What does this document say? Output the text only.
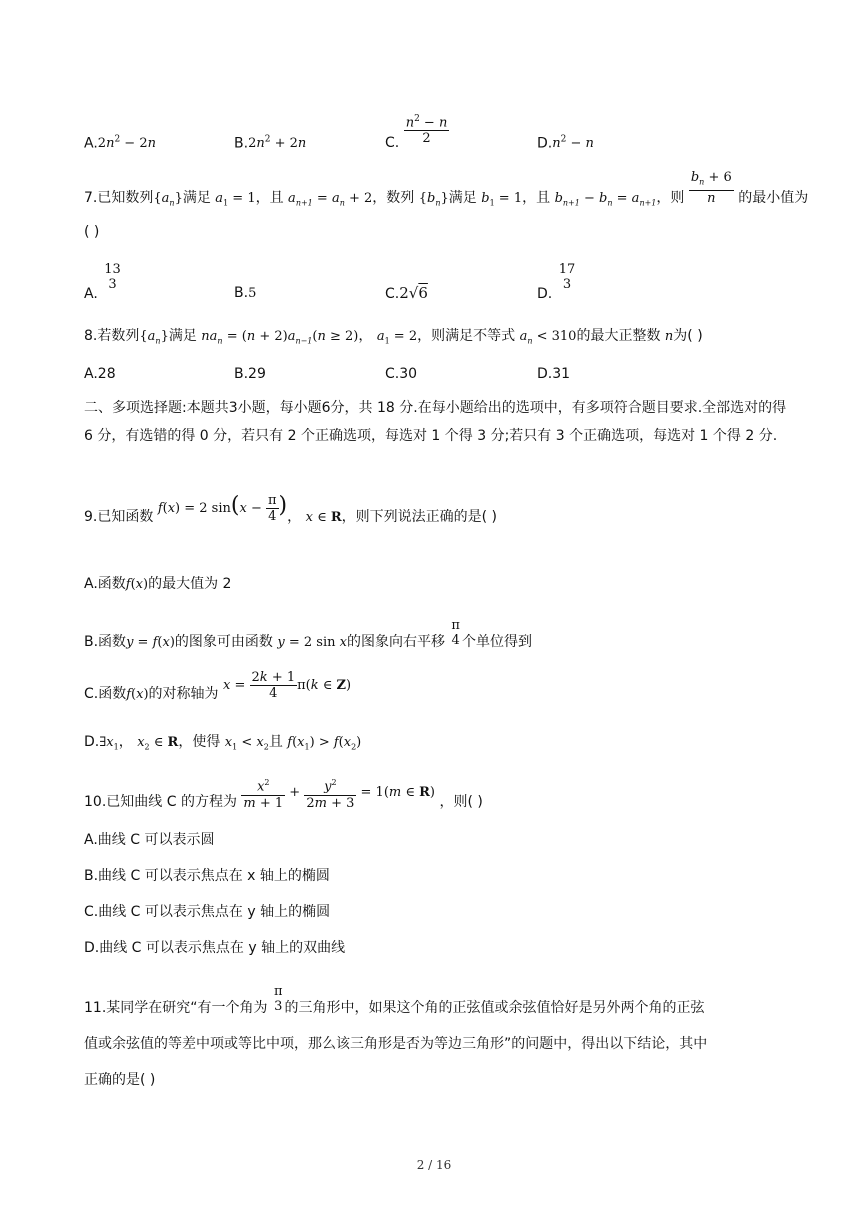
$A.2n^2 - 2n$	$B.2n^2 + 2n$	C. $\frac{n^2 - n}{2}$	$D.n^2 - n$
7.已知数列$\{a_n\}$满足 $a_1 = 1$，且 $a_{n+1} = a_n + 2$，数列 $\{b_n\}$满足 $b_1 = 1$，且 $b_{n+1} - b_n = a_{n+1}$，则 $\frac{b_n + 6}{n}$ 的最小值为
( )
A.
13
3
B.5	C.2√6	D.
17
3
8.若数列$\{a_n\}$满足 $na_n = (n + 2)a_{n-1}(n \ge 2)$， $a_1 = 2$，则满足不等式 $a_n < 310$的最大正整数 n为( )
A.28	B.29	C.30	D.31
二、多项选择题:本题共3小题，每小题6分，共 18 分.在每小题给出的选项中，有多项符合题目要求.全部选对的得 6 分，有选错的得 0 分，若只有 2 个正确选项，每选对 1 个得 3 分;若只有 3 个正确选项，每选对 1 个得 2 分.
9.已知函数 f(x) = 2 $\sin(x - \frac{\pi}{4}$ )， x ∈ R，则下列说法正确的是( )
A.函数f(x)的最大值为 2
B.函数y = f(x)的图象可由函数 y = 2 sin x的图象向右平移
π
4 个单位得到
C.函数f(x)的对称轴为 $x = \frac{2k + 1}{4} \pi(k$ ∈ Z)
$D.\exists x_1$， $x_2$ ∈ R，使得 $x_1 < x_2$且 $f(x_1) > f(x_2)$
10.已知曲线 C 的方程为 $\frac{x^2}{m + 1} + \frac{y^2}{2m + 3} = 1(m$ ∈ R) ，则( )
A.曲线 C 可以表示圆
B.曲线 C 可以表示焦点在 x 轴上的椭圆
C.曲线 C 可以表示焦点在 y 轴上的椭圆
D.曲线 C 可以表示焦点在 y 轴上的双曲线
11.某同学在研究“有一个角为
π
3 的三角形中，如果这个角的正弦值或余弦值恰好是另外两个角的正弦
值或余弦值的等差中项或等比中项，那么该三角形是否为等边三角形”的问题中，得出以下结论，其中
正确的是( )
2 / 16
